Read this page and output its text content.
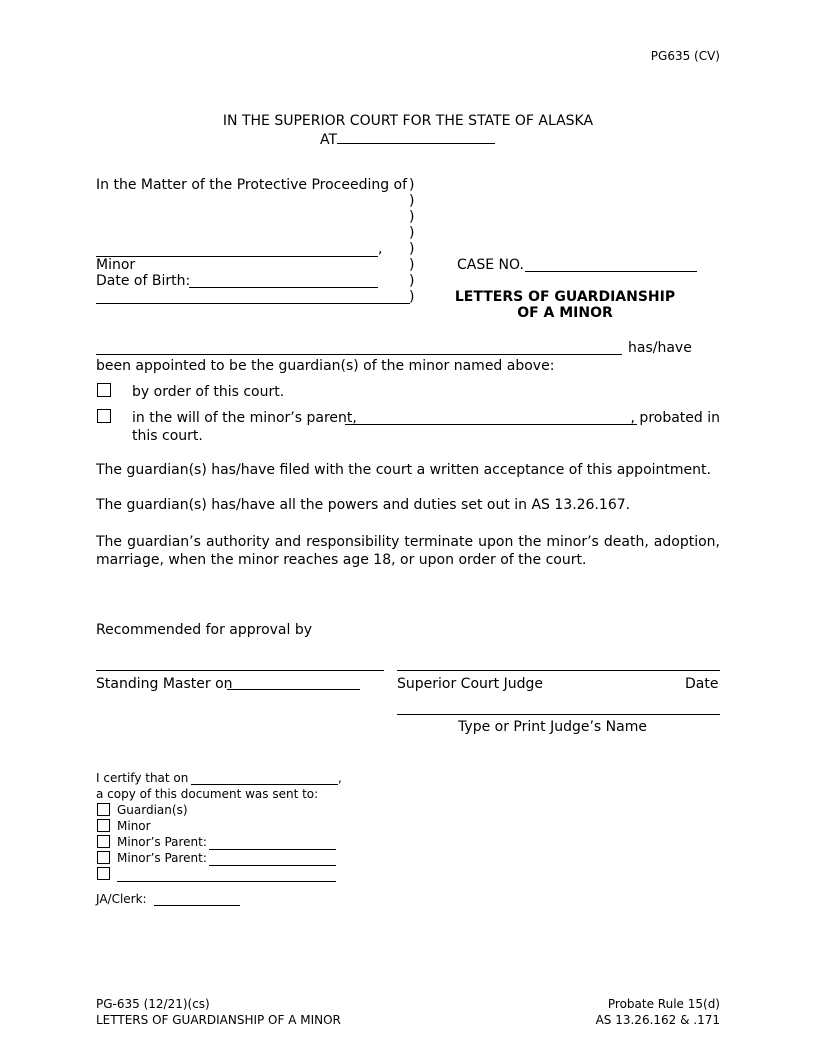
PG635 (CV)
IN THE SUPERIOR COURT FOR THE STATE OF ALASKA
AT
In the Matter of the Protective Proceeding of
,
Minor
Date of Birth:
)
)
)
)
)
)
)
)
CASE NO.
LETTERS OF GUARDIANSHIP
OF A MINOR
has/have
been appointed to be the guardian(s) of the minor named above:
by order of this court.
in the will of the minor’s parent,	, probated in
this court.
The guardian(s) has/have filed with the court a written acceptance of this appointment.
The guardian(s) has/have all the powers and duties set out in AS 13.26.167.
The guardian’s authority and responsibility terminate upon the minor’s death, adoption, marriage, when the minor reaches age 18, or upon order of the court.
Recommended for approval by
Standing Master on	Superior Court Judge	Date
Type or Print Judge’s Name
I certify that on	,
a copy of this document was sent to:
Guardian(s)
Minor
Minor’s Parent:
Minor’s Parent:
JA/Clerk:
PG-635 (12/21)(cs)
LETTERS OF GUARDIANSHIP OF A MINOR
Probate Rule 15(d)
AS 13.26.162 & .171
